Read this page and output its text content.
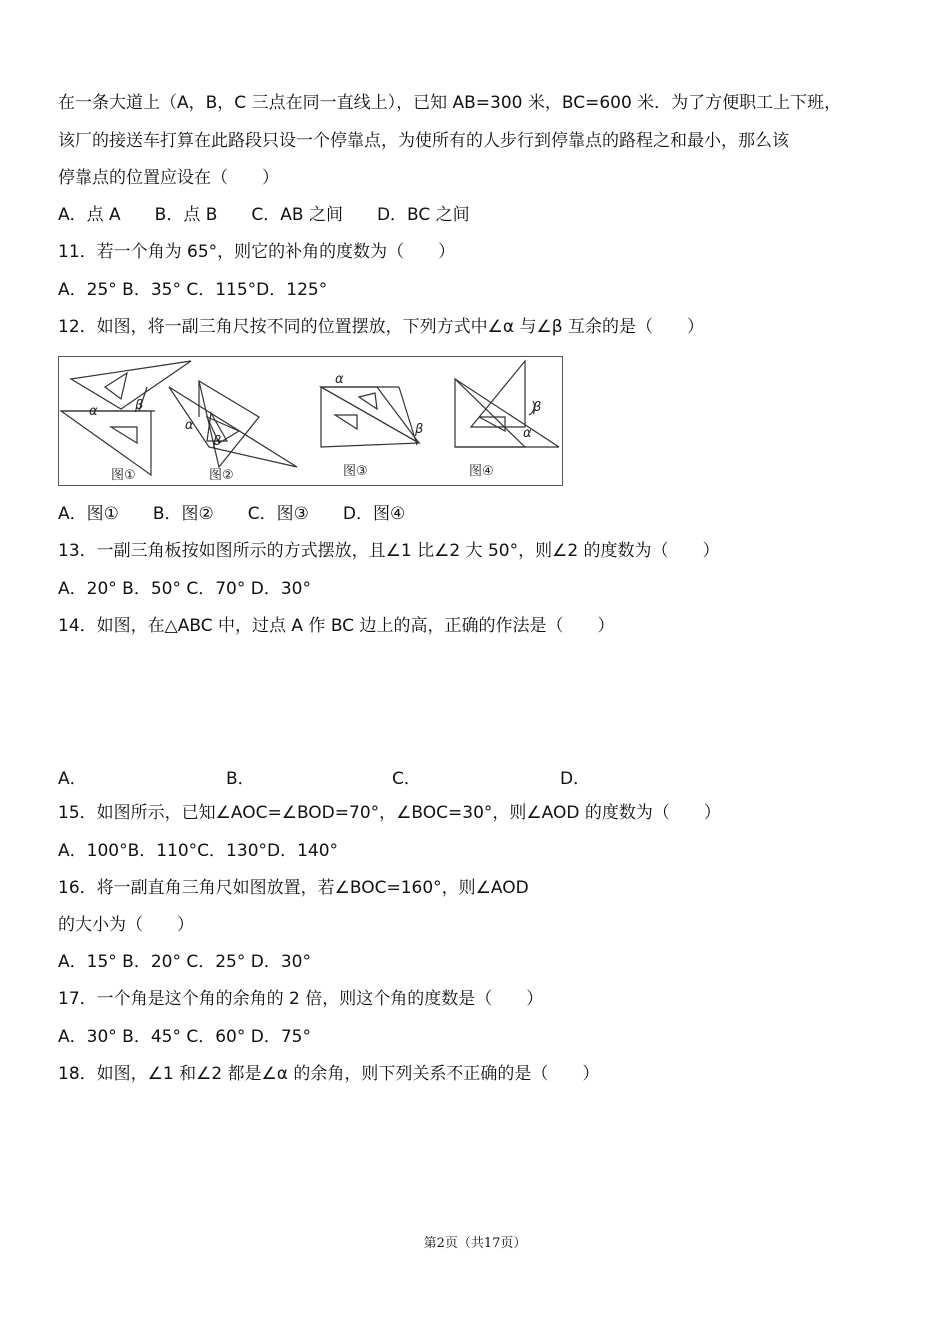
在一条大道上（A，B，C 三点在同一直线上），已知 AB=300 米，BC=600 米．为了方便职工上下班，
该厂的接送车打算在此路段只设一个停靠点，为使所有的人步行到停靠点的路程之和最小，那么该
停靠点的位置应设在（　　）
A．点 A　　B．点 B　　C．AB 之间　　D．BC 之间
11．若一个角为 65°，则它的补角的度数为（　　）
A．25° B．35° C．115°D．125°
12．如图，将一副三角尺按不同的位置摆放，下列方式中∠α 与∠β 互余的是（　　）
α	β
α
β
α
β	α
β
图①	图②	图③	图④
A．图①　　B．图②　　C．图③　　D．图④
13．一副三角板按如图所示的方式摆放，且∠1 比∠2 大 50°，则∠2 的度数为（　　）
A．20° B．50° C．70° D．30°
14．如图，在△ABC 中，过点 A 作 BC 边上的高，正确的作法是（　　）
A．	B．	C．	D．
15．如图所示，已知∠AOC=∠BOD=70°，∠BOC=30°，则∠AOD 的度数为（　　）
A．100°B．110°C．130°D．140°
16．将一副直角三角尺如图放置，若∠BOC=160°，则∠AOD
的大小为（　　）
A．15° B．20° C．25° D．30°
17．一个角是这个角的余角的 2 倍，则这个角的度数是（　　）
A．30° B．45° C．60° D．75°
18．如图，∠1 和∠2 都是∠α 的余角，则下列关系不正确的是（　　）
第2页（共17页）
